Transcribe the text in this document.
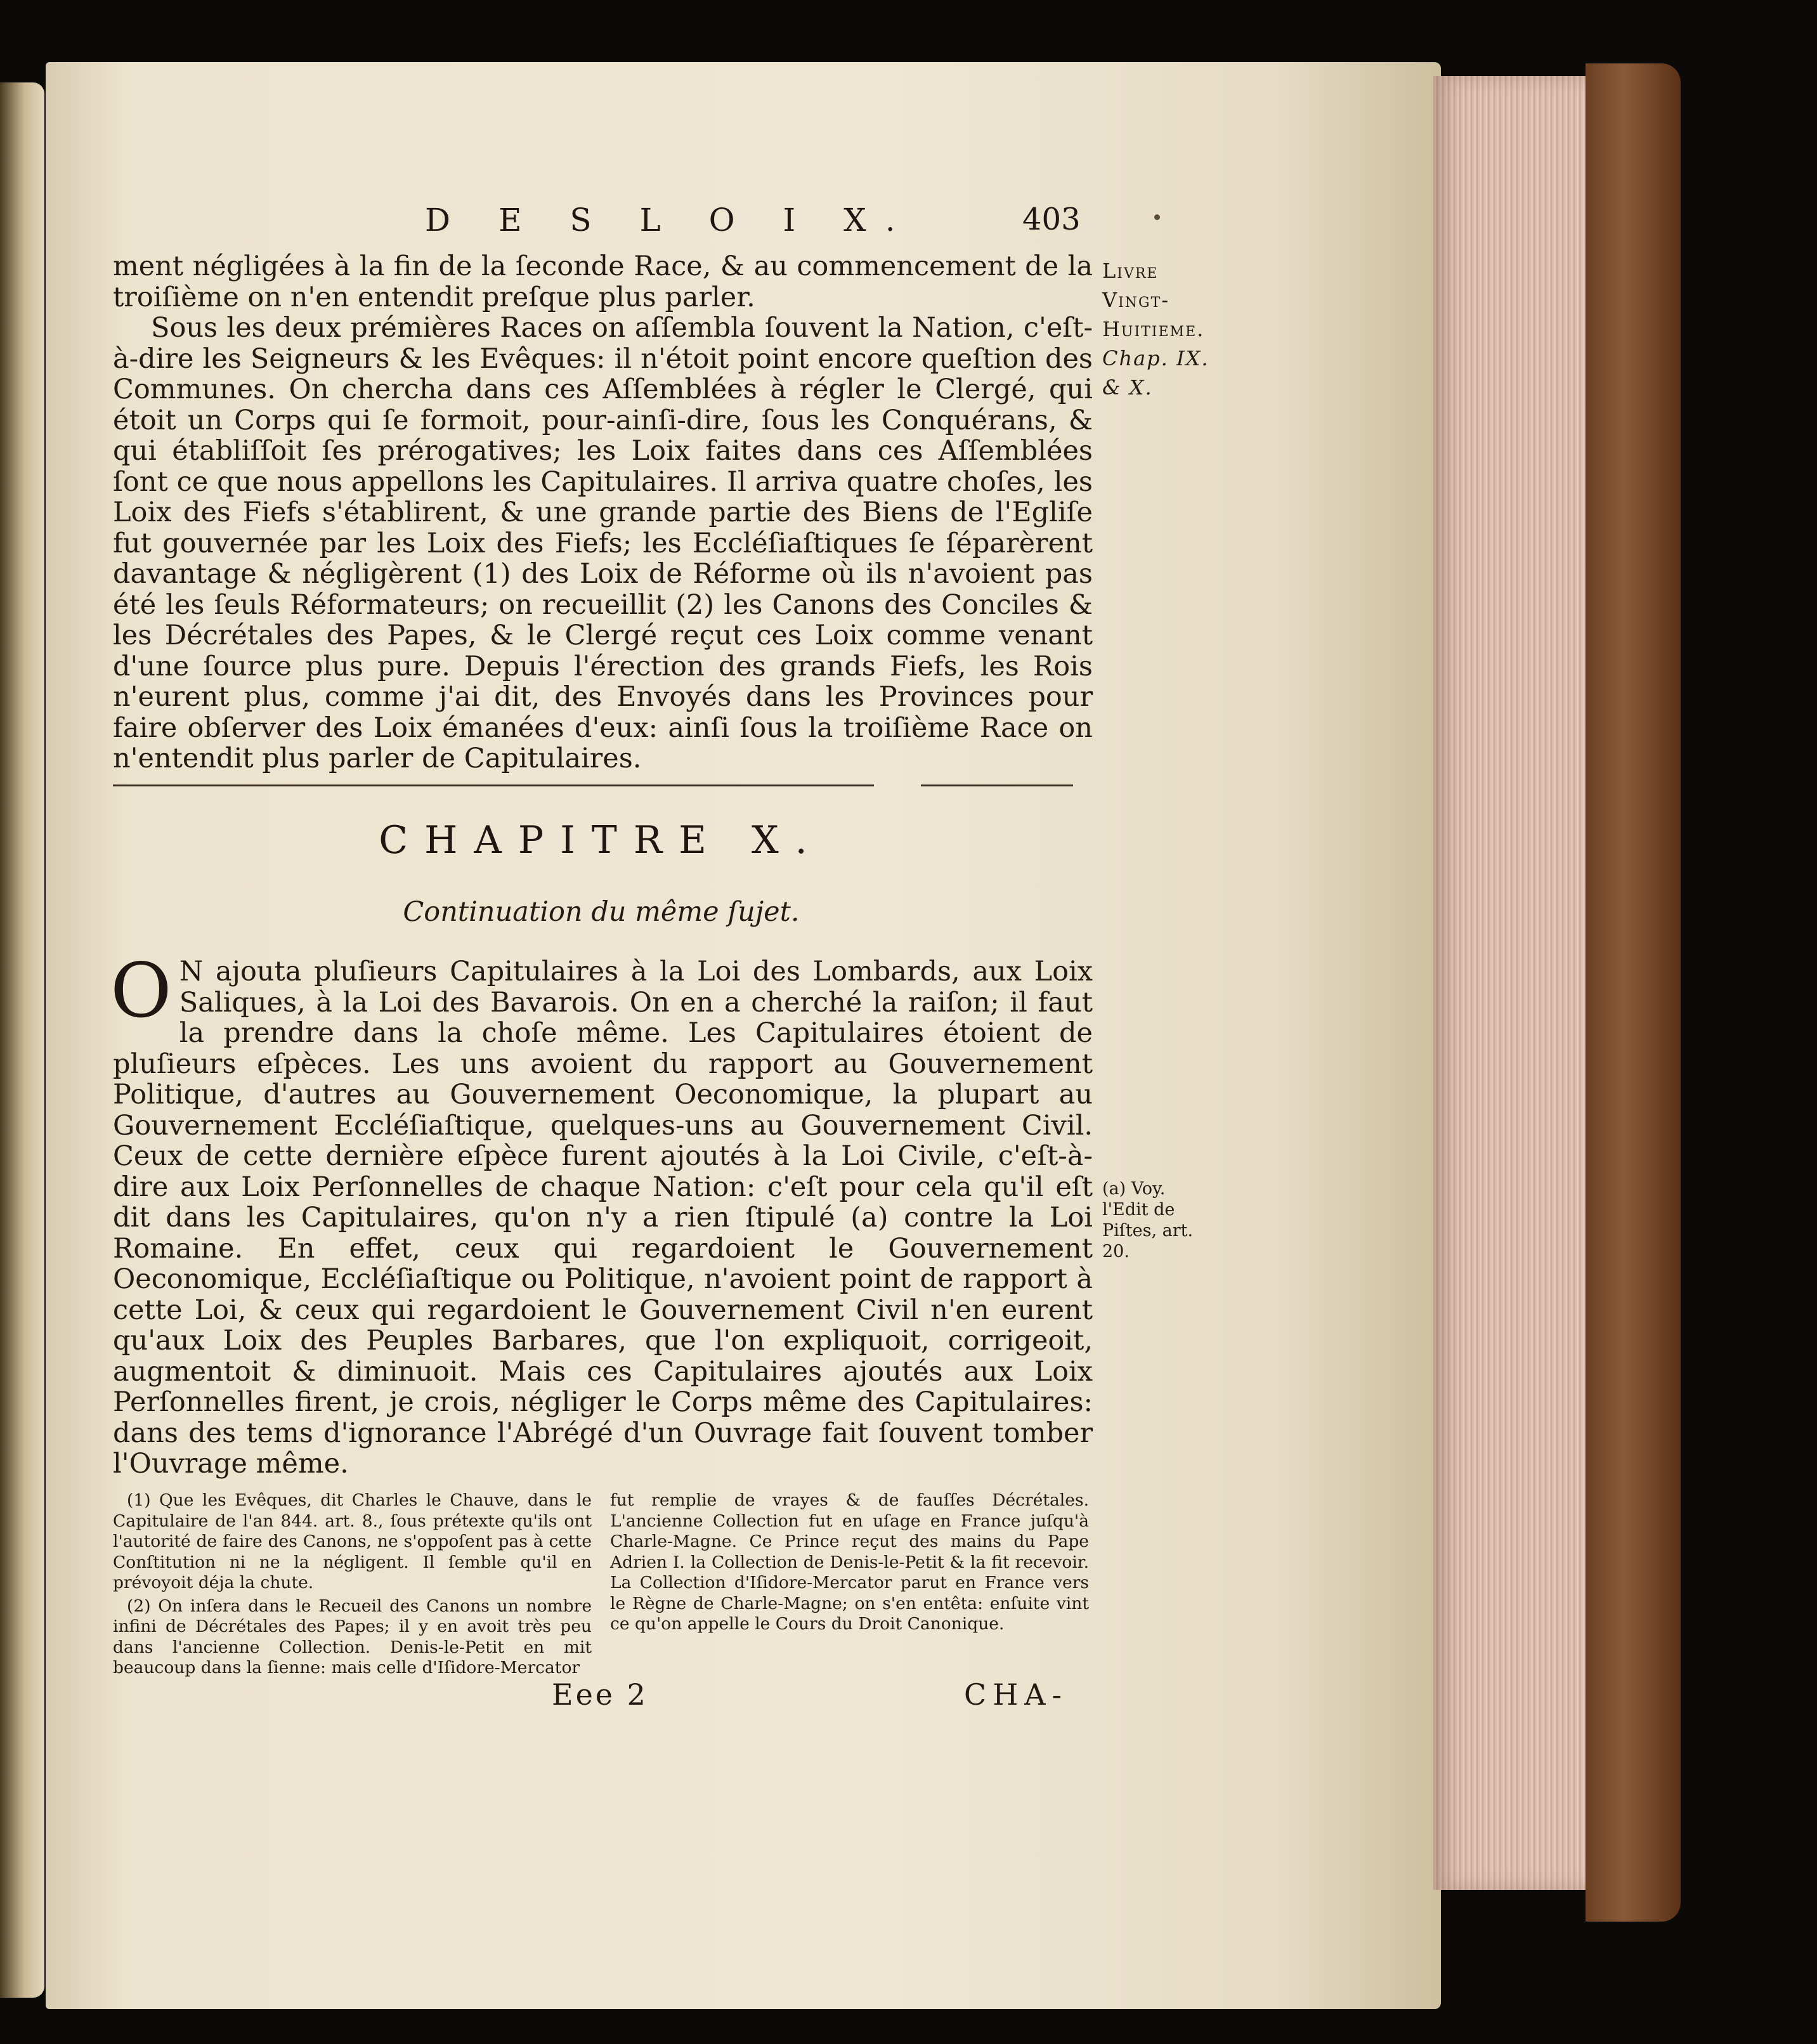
D E S L O I X.	403
Livre
Vingt-
Huitieme.
Chap. IX.
& X.

ment négligées à la fin de la ſeconde Race, & au commencement de la troiſième on n'en entendit preſque plus parler.

Sous les deux prémières Races on aſſembla ſouvent la Nation, c'eſt-à-dire les Seigneurs & les Evêques: il n'étoit point encore queſtion des Communes. On chercha dans ces Aſſemblées à régler le Clergé, qui étoit un Corps qui ſe formoit, pour-ainſi-dire, ſous les Conquérans, & qui établiſſoit ſes prérogatives; les Loix faites dans ces Aſſemblées ſont ce que nous appellons les Capitulaires. Il arriva quatre choſes, les Loix des Fiefs s'établirent, & une grande partie des Biens de l'Egliſe fut gouvernée par les Loix des Fiefs; les Eccléſiaſtiques ſe ſéparèrent davantage & négligèrent (1) des Loix de Réforme où ils n'avoient pas été les ſeuls Réformateurs; on recueillit (2) les Canons des Conciles & les Décrétales des Papes, & le Clergé reçut ces Loix comme venant d'une ſource plus pure. Depuis l'érection des grands Fiefs, les Rois n'eurent plus, comme j'ai dit, des Envoyés dans les Provinces pour faire obſerver des Loix émanées d'eux: ainſi ſous la troiſième Race on n'entendit plus parler de Capitulaires.

CHAPITRE X.
Continuation du même ſujet.
O N ajouta pluſieurs Capitulaires à la Loi des Lombards, aux Loix Saliques, à la Loi des Bavarois. On en a cherché la raiſon; il faut la prendre dans la choſe même. Les Capitulaires étoient de pluſieurs eſpèces. Les uns avoient du rapport au Gouvernement Politique, d'autres au Gouvernement Oeconomique, la plupart au Gouvernement Eccléſiaſtique, quelques-uns au Gouvernement Civil. Ceux de cette dernière eſpèce furent ajoutés à la Loi Civile, c'eſt-à-dire aux Loix Perſonnelles de chaque Nation: c'eſt pour cela qu'il eſt dit dans les Capitulaires, qu'on n'y a rien ſtipulé (a) contre la Loi Romaine. En effet, ceux qui regardoient le Gouvernement Oeconomique, Eccléſiaſtique ou Politique, n'avoient point de rapport à cette Loi, & ceux qui regardoient le Gouvernement Civil n'en eurent qu'aux Loix des Peuples Barbares, que l'on expliquoit, corrigeoit, augmentoit & diminuoit. Mais ces Capitulaires ajoutés aux Loix Perſonnelles firent, je crois, négliger le Corps même des Capitulaires: dans des tems d'ignorance l'Abrégé d'un Ouvrage fait ſouvent tomber l'Ouvrage même.
(a) Voy. l'Edit de Piſtes, art. 20.

(1) Que les Evêques, dit Charles le Chauve, dans le Capitulaire de l'an 844. art. 8., ſous prétexte qu'ils ont l'autorité de faire des Canons, ne s'oppoſent pas à cette Conſtitution ni ne la négligent. Il ſemble qu'il en prévoyoit déja la chute.

(2) On inſera dans le Recueil des Canons un nombre infini de Décrétales des Papes; il y en avoit très peu dans l'ancienne Collection. Denis-le-Petit en mit beaucoup dans la ſienne: mais celle d'Iſidore-Mercator

fut remplie de vrayes & de fauſſes Décrétales. L'ancienne Collection fut en uſage en France juſqu'à Charle-Magne. Ce Prince reçut des mains du Pape Adrien I. la Collection de Denis-le-Petit & la fit recevoir. La Collection d'Iſidore-Mercator parut en France vers le Règne de Charle-Magne; on s'en entêta: enſuite vint ce qu'on appelle le Cours du Droit Canonique.

Eee 2	CHA-
